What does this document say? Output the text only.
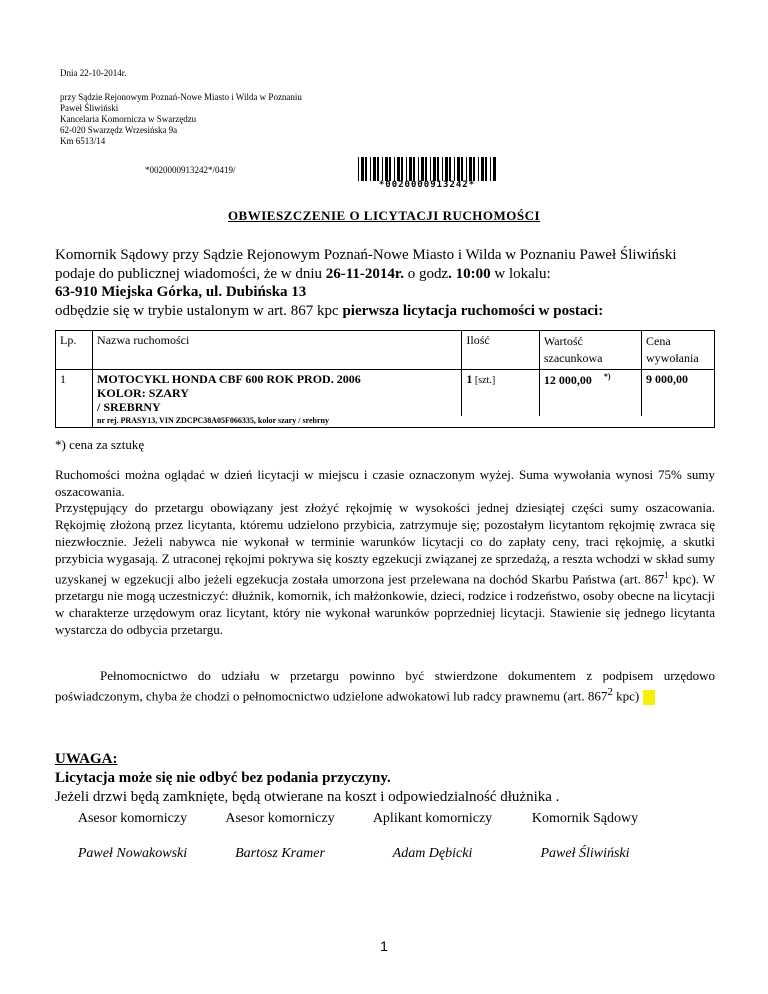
Dnia 22-10-2014r.
przy Sądzie Rejonowym Poznań-Nowe Miasto i Wilda w Poznaniu
Paweł Śliwiński
Kancelaria Komornicza w Swarzędzu
62-020 Swarzędz Wrzesińska 9a
Km 6513/14
*0020000913242*/0419/
*0020000913242*
OBWIESZCZENIE O LICYTACJI RUCHOMOŚCI
Komornik Sądowy przy Sądzie Rejonowym Poznań-Nowe Miasto i Wilda w Poznaniu Paweł Śliwiński
podaje do publicznej wiadomości, że w dniu 26-11-2014r. o godz. 10:00 w lokalu:
63-910 Miejska Górka, ul. Dubińska 13
odbędzie się w trybie ustalonym w art. 867 kpc pierwsza licytacja ruchomości w postaci:
Lp.	Nazwa ruchomości	Ilość	Wartość szacunkowa	Cena wywołania
1	MOTOCYKL HONDA CBF 600 ROK PROD. 2006
KOLOR: SZARY
/ SREBRNY	1 [szt.]	12 000,00 *)	9 000,00
	nr rej. PRASY13, VIN ZDCPC38A05F066335, kolor szary / srebrny			
*) cena za sztukę
Ruchomości można oglądać w dzień licytacji w miejscu i czasie oznaczonym wyżej. Suma wywołania wynosi 75% sumy oszacowania.
Przystępujący do przetargu obowiązany jest złożyć rękojmię w wysokości jednej dziesiątej części sumy oszacowania. Rękojmię złożoną przez licytanta, któremu udzielono przybicia, zatrzymuje się; pozostałym licytantom rękojmię zwraca się niezwłocznie. Jeżeli nabywca nie wykonał w terminie warunków licytacji co do zapłaty ceny, traci rękojmię, a skutki przybicia wygasają. Z utraconej rękojmi pokrywa się koszty egzekucji związanej ze sprzedażą, a reszta wchodzi w skład sumy uzyskanej w egzekucji albo jeżeli egzekucja została umorzona jest przelewana na dochód Skarbu Państwa (art. $867^1$ kpc). W przetargu nie mogą uczestniczyć: dłużnik, komornik, ich małżonkowie, dzieci, rodzice i rodzeństwo, osoby obecne na licytacji w charakterze urzędowym oraz licytant, który nie wykonał warunków poprzedniej licytacji. Stawienie się jednego licytanta wystarcza do odbycia przetargu.
Pełnomocnictwo do udziału w przetargu powinno być stwierdzone dokumentem z podpisem urzędowo poświadczonym, chyba że chodzi o pełnomocnictwo udzielone adwokatowi lub radcy prawnemu (art. $867^2$ kpc)
UWAGA:
Licytacja może się nie odbyć bez podania przyczyny.
Jeżeli drzwi będą zamknięte, będą otwierane na koszt i odpowiedzialność dłużnika .
Asesor komorniczy	Asesor komorniczy	Aplikant komorniczy	Komornik Sądowy
Paweł Nowakowski	Bartosz Kramer	Adam Dębicki	Paweł Śliwiński
1
